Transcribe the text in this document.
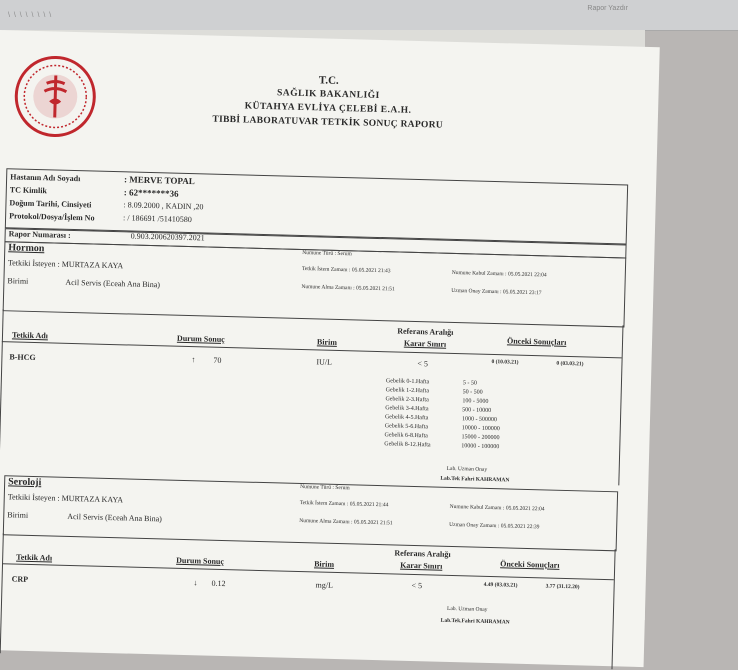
\ \ \ \ \ \ \ \
Rapor Yazdır
T.C.
SAĞLIK BAKANLIĞI
KÜTAHYA EVLİYA ÇELEBİ E.A.H.
TIBBİ LABORATUVAR TETKİK SONUÇ RAPORU
Hastanın Adı Soyadı	: MERVE TOPAL
TC Kimlik	: 62*******36
Doğum Tarihi, Cinsiyeti	: 8.09.2000 , KADIN ,20
Protokol/Dosya/İşlem No	: / 186691 /51410580
Rapor Numarası :	0.903.200620397.2021
Hormon
Tetkiki İsteyen : MURTAZA KAYA
Birimi	Acil Servis (Eceah Ana Bina)
Numune Türü : Serum
Tetkik İstem Zamanı : 05.05.2021 21:43	Numune Kabul Zamanı : 05.05.2021 22:04
Numune Alma Zamanı : 05.05.2021 21:51	Uzman Onay Zamanı : 05.05.2021 23:17
Tetkik Adı	Durum Sonuç	Birim
Referans Aralığı
Karar Sınırı	Önceki Sonuçları
B-HCG	↑ 70	IU/L	< 5	0 (10.03.21)	0 (03.03.21)
Gebelik 0-1.Hafta	5 - 50
Gebelik 1-2.Hafta	50 - 500
Gebelik 2-3.Hafta	100 - 5000
Gebelik 3-4.Hafta	500 - 10000
Gebelik 4-5.Hafta	1000 - 500000
Gebelik 5-6.Hafta	10000 - 100000
Gebelik 6-8.Hafta	15000 - 200000
Gebelik 8-12.Hafta	10000 - 100000
Lab. Uzman Onay
Lab.Tek Fahri KAHRAMAN
Seroloji
Tetkiki İsteyen : MURTAZA KAYA
Birimi	Acil Servis (Eceah Ana Bina)
Numune Türü : Serum
Tetkik İstem Zamanı : 05.05.2021 21:44	Numune Kabul Zamanı : 05.05.2021 22:04
Numune Alma Zamanı : 05.05.2021 21:51	Uzman Onay Zamanı : 05.05.2021 22:39
Tetkik Adı	Durum Sonuç	Birim
Referans Aralığı
Karar Sınırı	Önceki Sonuçları
CRP	↓ 0.12	mg/L	< 5	4.49 (03.03.21)	3.77 (31.12.20)
Lab. Uzman Onay
Lab.Tek.Fahri KAHRAMAN
